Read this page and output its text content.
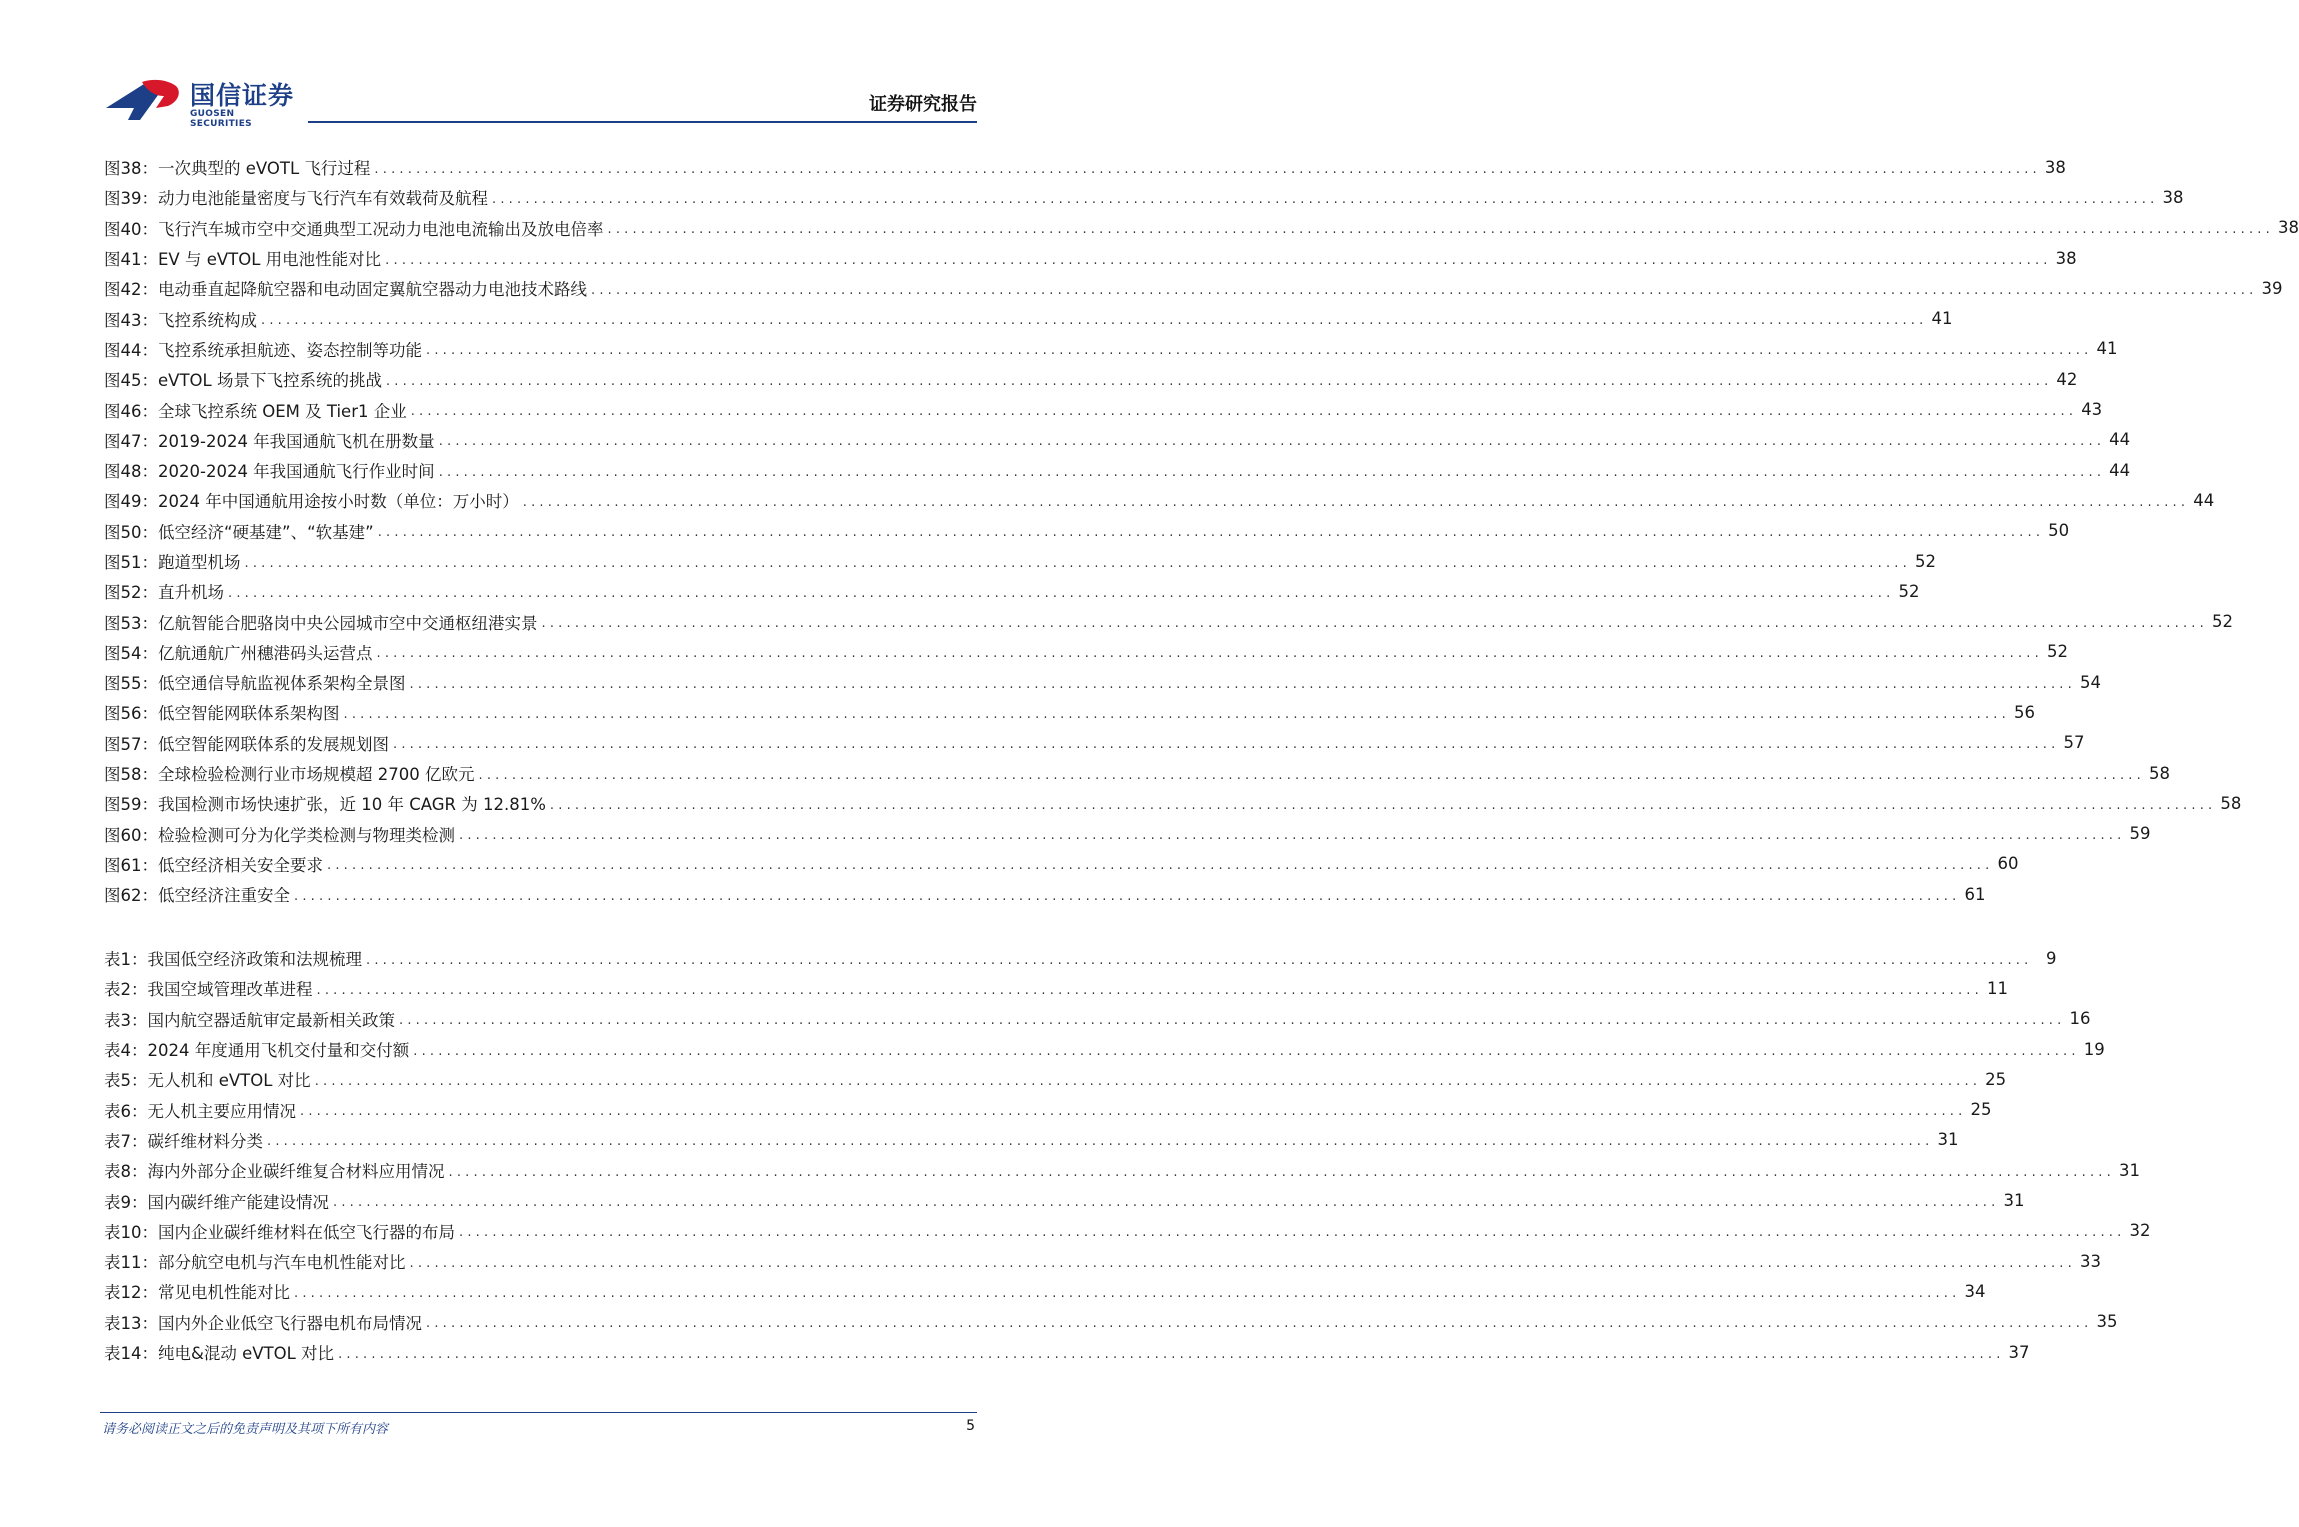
国信证券
GUOSEN SECURITIES
证券研究报告
图38： 一次典型的 eVOTL 飞行过程 ........................................................................................................................................................................................................ 38
图39： 动力电池能量密度与飞行汽车有效载荷及航程 ........................................................................................................................................................................................................ 38
图40： 飞行汽车城市空中交通典型工况动力电池电流输出及放电倍率 ........................................................................................................................................................................................................ 38
图41： EV 与 eVTOL 用电池性能对比 ........................................................................................................................................................................................................ 38
图42： 电动垂直起降航空器和电动固定翼航空器动力电池技术路线 ........................................................................................................................................................................................................ 39
图43： 飞控系统构成 ........................................................................................................................................................................................................ 41
图44： 飞控系统承担航迹、姿态控制等功能 ........................................................................................................................................................................................................ 41
图45： eVTOL 场景下飞控系统的挑战 ........................................................................................................................................................................................................ 42
图46： 全球飞控系统 OEM 及 Tier1 企业 ........................................................................................................................................................................................................ 43
图47： 2019-2024 年我国通航飞机在册数量 ........................................................................................................................................................................................................ 44
图48： 2020-2024 年我国通航飞行作业时间 ........................................................................................................................................................................................................ 44
图49： 2024 年中国通航用途按小时数（单位：万小时） ........................................................................................................................................................................................................ 44
图50： 低空经济“硬基建”、“软基建” ........................................................................................................................................................................................................ 50
图51： 跑道型机场 ........................................................................................................................................................................................................ 52
图52： 直升机场 ........................................................................................................................................................................................................ 52
图53： 亿航智能合肥骆岗中央公园城市空中交通枢纽港实景 ........................................................................................................................................................................................................ 52
图54： 亿航通航广州穗港码头运营点 ........................................................................................................................................................................................................ 52
图55： 低空通信导航监视体系架构全景图 ........................................................................................................................................................................................................ 54
图56： 低空智能网联体系架构图 ........................................................................................................................................................................................................ 56
图57： 低空智能网联体系的发展规划图 ........................................................................................................................................................................................................ 57
图58： 全球检验检测行业市场规模超 2700 亿欧元 ........................................................................................................................................................................................................ 58
图59： 我国检测市场快速扩张，近 10 年 CAGR 为 12.81% ........................................................................................................................................................................................................ 58
图60： 检验检测可分为化学类检测与物理类检测 ........................................................................................................................................................................................................ 59
图61： 低空经济相关安全要求 ........................................................................................................................................................................................................ 60
图62： 低空经济注重安全 ........................................................................................................................................................................................................ 61
表1： 我国低空经济政策和法规梳理 ........................................................................................................................................................................................................ 9
表2： 我国空域管理改革进程 ........................................................................................................................................................................................................ 11
表3： 国内航空器适航审定最新相关政策 ........................................................................................................................................................................................................ 16
表4： 2024 年度通用飞机交付量和交付额 ........................................................................................................................................................................................................ 19
表5： 无人机和 eVTOL 对比 ........................................................................................................................................................................................................ 25
表6： 无人机主要应用情况 ........................................................................................................................................................................................................ 25
表7： 碳纤维材料分类 ........................................................................................................................................................................................................ 31
表8： 海内外部分企业碳纤维复合材料应用情况 ........................................................................................................................................................................................................ 31
表9： 国内碳纤维产能建设情况 ........................................................................................................................................................................................................ 31
表10： 国内企业碳纤维材料在低空飞行器的布局 ........................................................................................................................................................................................................ 32
表11： 部分航空电机与汽车电机性能对比 ........................................................................................................................................................................................................ 33
表12： 常见电机性能对比 ........................................................................................................................................................................................................ 34
表13： 国内外企业低空飞行器电机布局情况 ........................................................................................................................................................................................................ 35
表14： 纯电&混动 eVTOL 对比 ........................................................................................................................................................................................................ 37
请务必阅读正文之后的免责声明及其项下所有内容	5
